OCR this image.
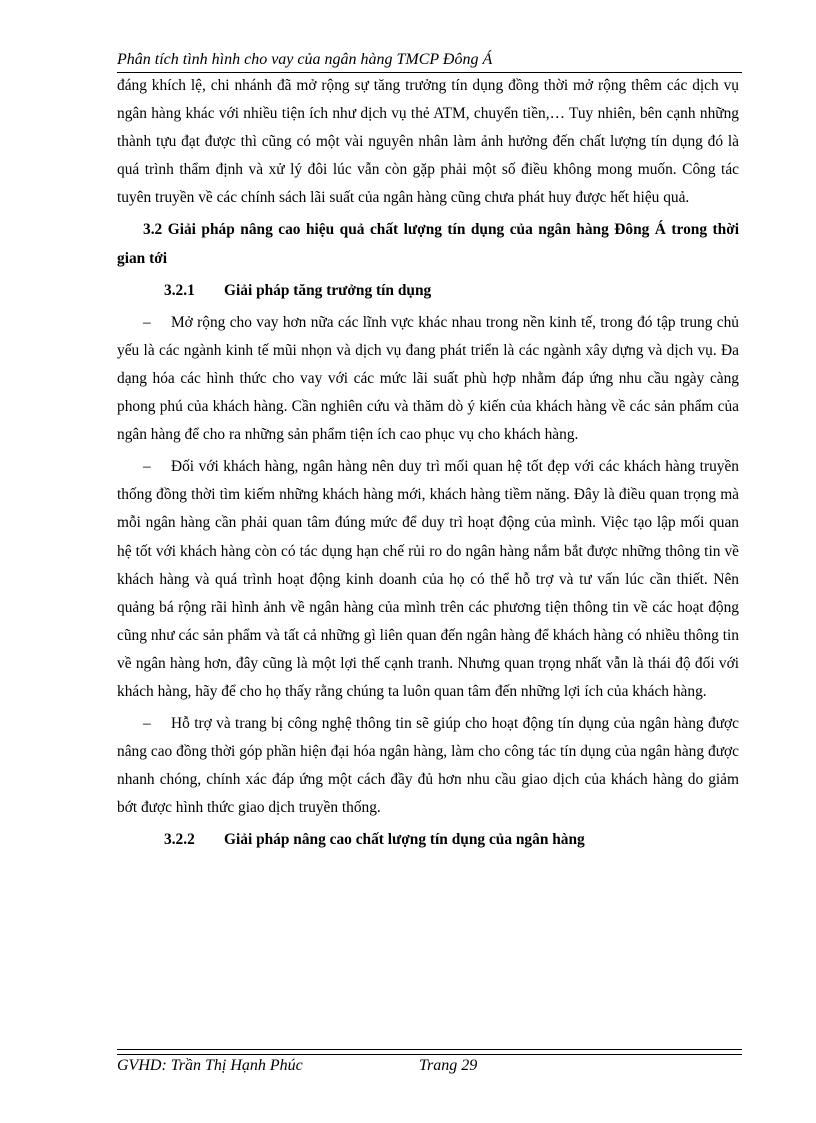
Phân tích tình hình cho vay của ngân hàng TMCP Đông Á

đáng khích lệ, chi nhánh đã mở rộng sự tăng trưởng tín dụng đồng thời mở rộng thêm các dịch vụ ngân hàng khác với nhiều tiện ích như dịch vụ thẻ ATM, chuyển tiền,… Tuy nhiên, bên cạnh những thành tựu đạt được thì cũng có một vài nguyên nhân làm ảnh hưởng đến chất lượng tín dụng đó là quá trình thẩm định và xử lý đôi lúc vẫn còn gặp phải một số điều không mong muốn. Công tác tuyên truyền về các chính sách lãi suất của ngân hàng cũng chưa phát huy được hết hiệu quả.

3.2 Giải pháp nâng cao hiệu quả chất lượng tín dụng của ngân hàng Đông Á trong thời gian tới

3.2.1 Giải pháp tăng trưởng tín dụng

– Mở rộng cho vay hơn nữa các lĩnh vực khác nhau trong nền kinh tế, trong đó tập trung chủ yếu là các ngành kinh tế mũi nhọn và dịch vụ đang phát triển là các ngành xây dựng và dịch vụ. Đa dạng hóa các hình thức cho vay với các mức lãi suất phù hợp nhằm đáp ứng nhu cầu ngày càng phong phú của khách hàng. Cần nghiên cứu và thăm dò ý kiến của khách hàng về các sản phẩm của ngân hàng để cho ra những sản phẩm tiện ích cao phục vụ cho khách hàng.

– Đối với khách hàng, ngân hàng nên duy trì mối quan hệ tốt đẹp với các khách hàng truyền thống đồng thời tìm kiếm những khách hàng mới, khách hàng tiềm năng. Đây là điều quan trọng mà mỗi ngân hàng cần phải quan tâm đúng mức để duy trì hoạt động của mình. Việc tạo lập mối quan hệ tốt với khách hàng còn có tác dụng hạn chế rủi ro do ngân hàng nắm bắt được những thông tin về khách hàng và quá trình hoạt động kinh doanh của họ có thể hỗ trợ và tư vấn lúc cần thiết. Nên quảng bá rộng rãi hình ảnh về ngân hàng của mình trên các phương tiện thông tin về các hoạt động cũng như các sản phẩm và tất cả những gì liên quan đến ngân hàng để khách hàng có nhiều thông tin về ngân hàng hơn, đây cũng là một lợi thế cạnh tranh. Nhưng quan trọng nhất vẫn là thái độ đối với khách hàng, hãy để cho họ thấy rằng chúng ta luôn quan tâm đến những lợi ích của khách hàng.

– Hỗ trợ và trang bị công nghệ thông tin sẽ giúp cho hoạt động tín dụng của ngân hàng được nâng cao đồng thời góp phần hiện đại hóa ngân hàng, làm cho công tác tín dụng của ngân hàng được nhanh chóng, chính xác đáp ứng một cách đầy đủ hơn nhu cầu giao dịch của khách hàng do giảm bớt được hình thức giao dịch truyền thống.

3.2.2 Giải pháp nâng cao chất lượng tín dụng của ngân hàng

GVHD: Trần Thị Hạnh Phúc	Trang 29
